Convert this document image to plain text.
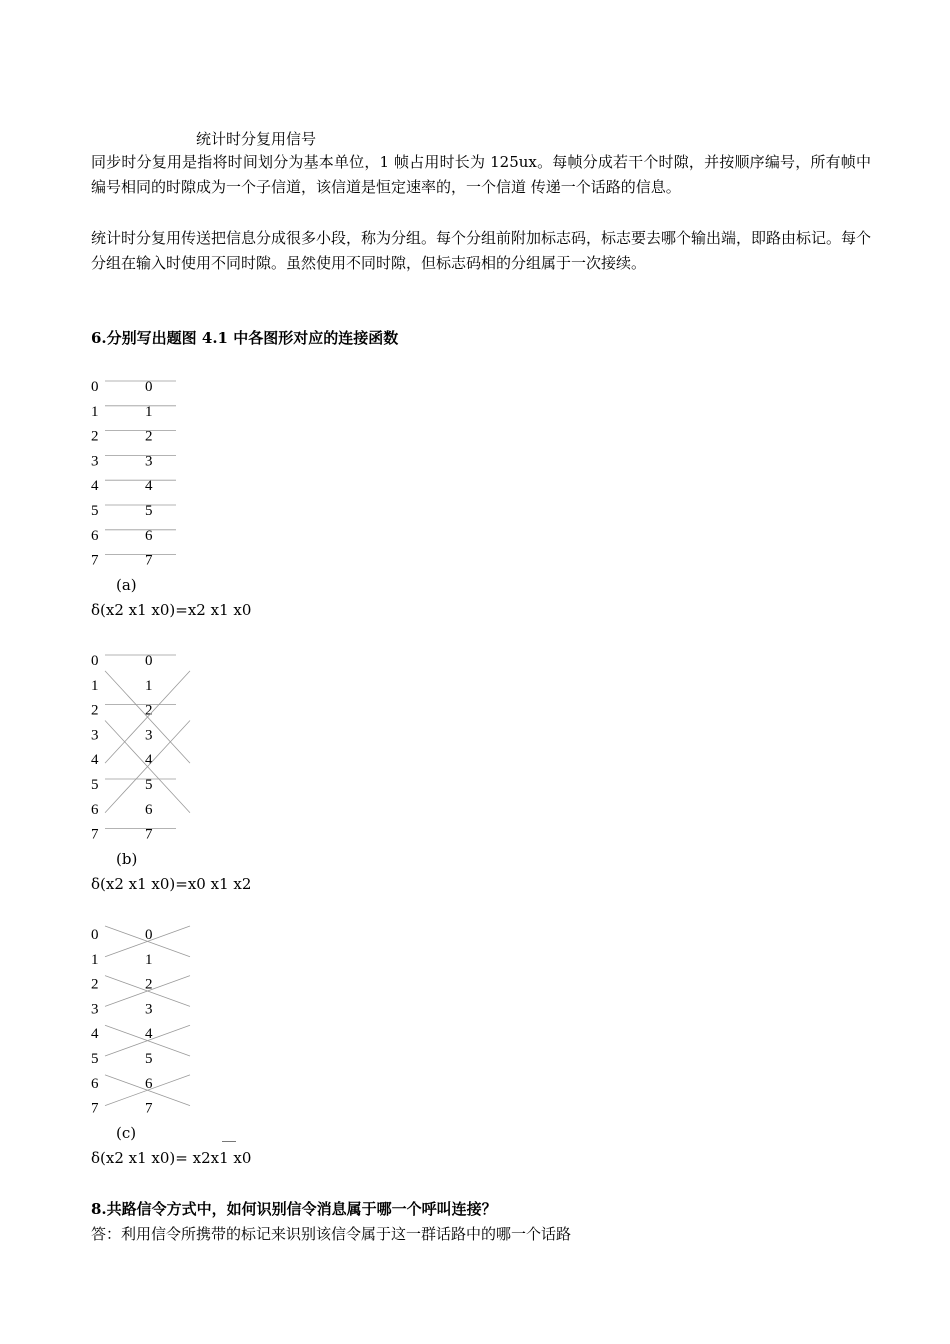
统计时分复用信号

同步时分复用是指将时间划分为基本单位，1 帧占用时长为 125ux。每帧分成若干个时隙，并按顺序编号，所有帧中编号相同的时隙成为一个子信道，该信道是恒定速率的，一个信道 传递一个话路的信息。

统计时分复用传送把信息分成很多小段，称为分组。每个分组前附加标志码，标志要去哪个输出端，即路由标记。每个分组在输入时使用不同时隙。虽然使用不同时隙，但标志码相的分组属于一次接续。

6.分别写出题图 4.1 中各图形对应的连接函数
0
1
2
3
4
5
6
7
0
1
2
3
4
5
6
7
(a)
δ(x2 x1 x0)=x2 x1 x0
0
1
2
3
4
5
6
7
0
1
2
3
4
5
6
7
(b)
δ(x2 x1 x0)=x0 x1 x2
0
1
2
3
4
5
6
7
0
1
2
3
4
5
6
7
(c)
δ(x2 x1 x0)= x2x1 x0
8.共路信令方式中，如何识别信令消息属于哪一个呼叫连接？
答：利用信令所携带的标记来识别该信令属于这一群话路中的哪一个话路
